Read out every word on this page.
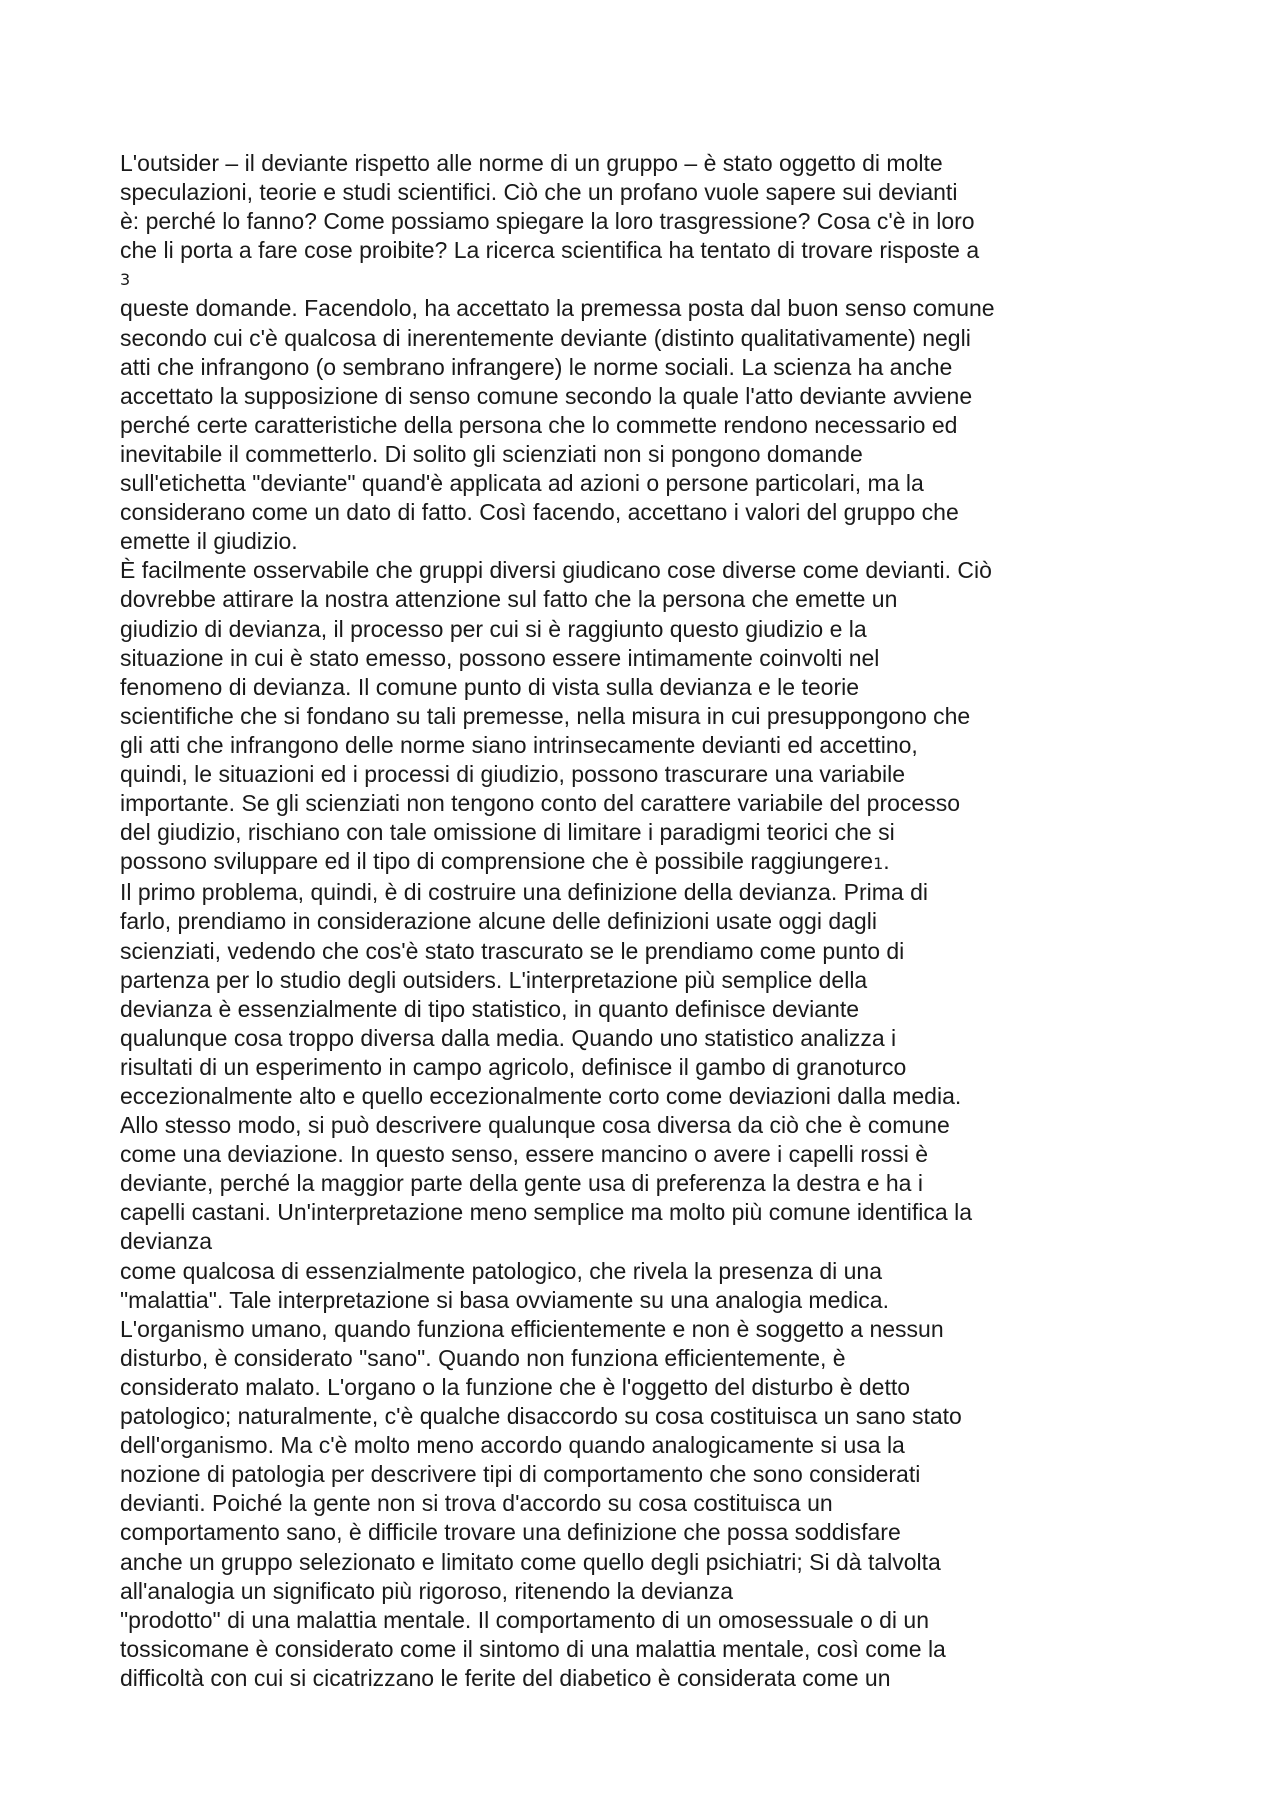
L'outsider – il deviante rispetto alle norme di un gruppo – è stato oggetto di molte
speculazioni, teorie e studi scientifici. Ciò che un profano vuole sapere sui devianti
è: perché lo fanno? Come possiamo spiegare la loro trasgressione? Cosa c'è in loro
che li porta a fare cose proibite? La ricerca scientifica ha tentato di trovare risposte a
3
queste domande. Facendolo, ha accettato la premessa posta dal buon senso comune
secondo cui c'è qualcosa di inerentemente deviante (distinto qualitativamente) negli
atti che infrangono (o sembrano infrangere) le norme sociali. La scienza ha anche
accettato la supposizione di senso comune secondo la quale l'atto deviante avviene
perché certe caratteristiche della persona che lo commette rendono necessario ed
inevitabile il commetterlo. Di solito gli scienziati non si pongono domande
sull'etichetta "deviante" quand'è applicata ad azioni o persone particolari, ma la
considerano come un dato di fatto. Così facendo, accettano i valori del gruppo che
emette il giudizio.
È facilmente osservabile che gruppi diversi giudicano cose diverse come devianti. Ciò
dovrebbe attirare la nostra attenzione sul fatto che la persona che emette un
giudizio di devianza, il processo per cui si è raggiunto questo giudizio e la
situazione in cui è stato emesso, possono essere intimamente coinvolti nel
fenomeno di devianza. Il comune punto di vista sulla devianza e le teorie
scientifiche che si fondano su tali premesse, nella misura in cui presuppongono che
gli atti che infrangono delle norme siano intrinsecamente devianti ed accettino,
quindi, le situazioni ed i processi di giudizio, possono trascurare una variabile
importante. Se gli scienziati non tengono conto del carattere variabile del processo
del giudizio, rischiano con tale omissione di limitare i paradigmi teorici che si
possono sviluppare ed il tipo di comprensione che è possibile raggiungere1.
Il primo problema, quindi, è di costruire una definizione della devianza. Prima di
farlo, prendiamo in considerazione alcune delle definizioni usate oggi dagli
scienziati, vedendo che cos'è stato trascurato se le prendiamo come punto di
partenza per lo studio degli outsiders. L'interpretazione più semplice della
devianza è essenzialmente di tipo statistico, in quanto definisce deviante
qualunque cosa troppo diversa dalla media. Quando uno statistico analizza i
risultati di un esperimento in campo agricolo, definisce il gambo di granoturco
eccezionalmente alto e quello eccezionalmente corto come deviazioni dalla media.
Allo stesso modo, si può descrivere qualunque cosa diversa da ciò che è comune
come una deviazione. In questo senso, essere mancino o avere i capelli rossi è
deviante, perché la maggior parte della gente usa di preferenza la destra e ha i
capelli castani. Un'interpretazione meno semplice ma molto più comune identifica la
devianza
come qualcosa di essenzialmente patologico, che rivela la presenza di una
"malattia". Tale interpretazione si basa ovviamente su una analogia medica.
L'organismo umano, quando funziona efficientemente e non è soggetto a nessun
disturbo, è considerato "sano". Quando non funziona efficientemente, è
considerato malato. L'organo o la funzione che è l'oggetto del disturbo è detto
patologico; naturalmente, c'è qualche disaccordo su cosa costituisca un sano stato
dell'organismo. Ma c'è molto meno accordo quando analogicamente si usa la
nozione di patologia per descrivere tipi di comportamento che sono considerati
devianti. Poiché la gente non si trova d'accordo su cosa costituisca un
comportamento sano, è difficile trovare una definizione che possa soddisfare
anche un gruppo selezionato e limitato come quello degli psichiatri; Si dà talvolta
all'analogia un significato più rigoroso, ritenendo la devianza
"prodotto" di una malattia mentale. Il comportamento di un omosessuale o di un
tossicomane è considerato come il sintomo di una malattia mentale, così come la
difficoltà con cui si cicatrizzano le ferite del diabetico è considerata come un
